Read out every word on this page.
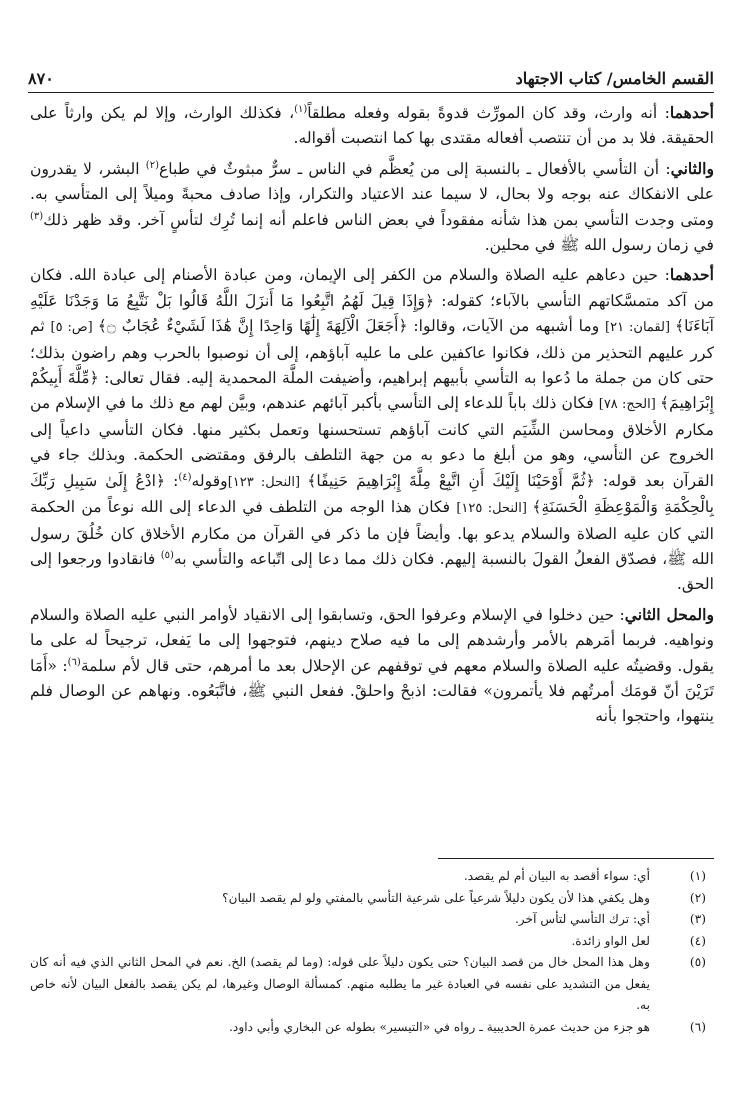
القسم الخامس/ كتاب الاجتهاد
٨٧٠

أحدهما: أنه وارث، وقد كان المورِّث قدوةً بقوله وفعله مطلقاً$^{(١)}$، فكذلك الوارث، وإلا لم يكن وارثاً على الحقيقة. فلا بد من أن تنتصب أفعاله مقتدى بها كما انتصبت أقواله.

والثاني: أن التأسي بالأفعال ـ بالنسبة إلى من يُعظَّم في الناس ـ سرٌّ مبثوثٌ في طباع$^{(٢)}$ البشر، لا يقدرون على الانفكاك عنه بوجه ولا بحال، لا سيما عند الاعتياد والتكرار، وإذا صادف محبةً وميلاً إلى المتأسي به. ومتى وجدت التأسي بمن هذا شأنه مفقوداً في بعض الناس فاعلم أنه إنما تُرِك لتأسٍ آخر. وقد ظهر ذلك$^{(٣)}$ في زمان رسول الله ﷺ في محلين.

أحدهما: حين دعاهم عليه الصلاة والسلام من الكفر إلى الإيمان، ومن عبادة الأصنام إلى عبادة الله. فكان من آكد متمسَّكاتهم التأسي بالآباء؛ كقوله: ﴿وَإِذَا قِيلَ لَهُمُ اتَّبِعُوا مَا أَنزَلَ اللَّهُ قَالُوا بَلْ نَتَّبِعُ مَا وَجَدْنَا عَلَيْهِ آبَاءَنَا﴾ [لقمان: ٢١] وما أشبهه من الآيات، وقالوا: ﴿أَجَعَلَ الْآلِهَةَ إِلَٰهًا وَاحِدًا إِنَّ هَٰذَا لَشَيْءٌ عُجَابٌ ۝﴾ [ص: ٥] ثم كرر عليهم التحذير من ذلك، فكانوا عاكفين على ما عليه آباؤهم، إلى أن نوصبوا بالحرب وهم راضون بذلك؛ حتى كان من جملة ما دُعوا به التأسي بأبيهم إبراهيم، وأضيفت الملَّة المحمدية إليه. فقال تعالى: ﴿مِّلَّةَ أَبِيكُمْ إِبْرَاهِيمَ﴾ [الحج: ٧٨] فكان ذلك باباً للدعاء إلى التأسي بأكبر آبائهم عندهم، وبيَّن لهم مع ذلك ما في الإسلام من مكارم الأخلاق ومحاسن الشِّيَم التي كانت آباؤهم تستحسنها وتعمل بكثير منها. فكان التأسي داعياً إلى الخروج عن التأسي، وهو من أبلغ ما دعو به من جهة التلطف بالرفق ومقتضى الحكمة. وبذلك جاء في القرآن بعد قوله: ﴿ثُمَّ أَوْحَيْنَا إِلَيْكَ أَنِ اتَّبِعْ مِلَّةَ إِبْرَاهِيمَ حَنِيفًا﴾ [النحل: ١٢٣]وقوله$^{(٤)}$: ﴿ادْعُ إِلَىٰ سَبِيلِ رَبِّكَ بِالْحِكْمَةِ وَالْمَوْعِظَةِ الْحَسَنَةِ﴾ [النحل: ١٢٥] فكان هذا الوجه من التلطف في الدعاء إلى الله نوعاً من الحكمة التي كان عليه الصلاة والسلام يدعو بها. وأيضاً فإن ما ذكر في القرآن من مكارم الأخلاق كان خُلُقَ رسول الله ﷺ، فصدّق الفعلُ القولَ بالنسبة إليهم. فكان ذلك مما دعا إلى اتّباعه والتأسي به$^{(٥)}$ فانقادوا ورجعوا إلى الحق.

والمحل الثاني: حين دخلوا في الإسلام وعرفوا الحق، وتسابقوا إلى الانقياد لأوامر النبي عليه الصلاة والسلام ونواهيه. فربما أمَرهم بالأمر وأرشدهم إلى ما فيه صلاح دينهم، فتوجهوا إلى ما يَفعل، ترجيحاً له على ما يقول. وقضيتُه عليه الصلاة والسلام معهم في توقفهم عن الإحلال بعد ما أمرهم، حتى قال لأم سلمة$^{(٦)}$: «أَمَا تَرَيْنَ أنّ قومَك أمرتُهم فلا يأتمرون» فقالت: اذبحْ واحلقْ. ففعل النبي ﷺ، فاتَّبَعُوه. ونهاهم عن الوصال فلم ينتهوا، واحتجوا بأنه

(١)
أي: سواء أقصد به البيان أم لم يقصد.
(٢)
وهل يكفي هذا لأن يكون دليلاً شرعياً على شرعية التأسي بالمفتي ولو لم يقصد البيان؟
(٣)
أي: ترك التأسي لتأس آخر.
(٤)
لعل الواو زائدة.
(٥)
وهل هذا المحل خال من قصد البيان؟ حتى يكون دليلاً على قوله: (وما لم يقصد) الخ. نعم في المحل الثاني الذي فيه أنه كان يفعل من التشديد على نفسه في العبادة غير ما يطلبه منهم. كمسألة الوصال وغيرها، لم يكن يقصد بالفعل البيان لأنه خاص به.
(٦)
هو جزء من حديث عمرة الحديبية ـ رواه في «التيسير» بطوله عن البخاري وأبي داود.
